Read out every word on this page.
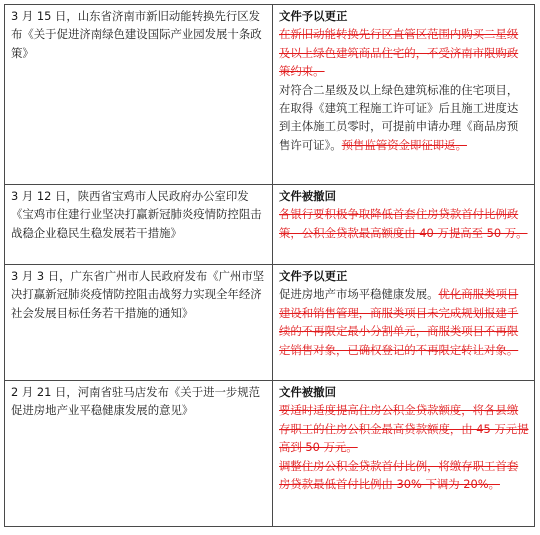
3 月 15 日，山东省济南市新旧动能转换先行区发布《关于促进济南绿色建设国际产业园发展十条政策》	文件予以更正
在新旧动能转换先行区直管区范围内购买二星级及以上绿色建筑商品住宅的，不受济南市限购政策约束。
对符合二星级及以上绿色建筑标准的住宅项目，在取得《建筑工程施工许可证》后且施工进度达到主体施工员零时，可提前申请办理《商品房预售许可证》。预售监管资金即征即返。

3 月 12 日，陕西省宝鸡市人民政府办公室印发《宝鸡市住建行业坚决打赢新冠肺炎疫情防控阻击战稳企业稳民生稳发展若干措施》	文件被撤回
各银行要积极争取降低首套住房贷款首付比例政策，公积金贷款最高额度由 40 万提高至 50 万。

3 月 3 日，广东省广州市人民政府发布《广州市坚决打赢新冠肺炎疫情防控阻击战努力实现全年经济社会发展目标任务若干措施的通知》	文件予以更正
促进房地产市场平稳健康发展。优化商服类项目建设和销售管理，商服类项目未完成规划报建手续的不再限定最小分割单元，商服类项目不再限定销售对象，已确权登记的不再限定转让对象。

2 月 21 日，河南省驻马店发布《关于进一步规范促进房地产业平稳健康发展的意见》	文件被撤回
要适时适度提高住房公积金贷款额度，将各县缴存职工的住房公积金最高贷款额度，由 45 万元提高到 50 万元。
调整住房公积金贷款首付比例，将缴存职工首套房贷款最低首付比例由 30% 下调为 20%。
